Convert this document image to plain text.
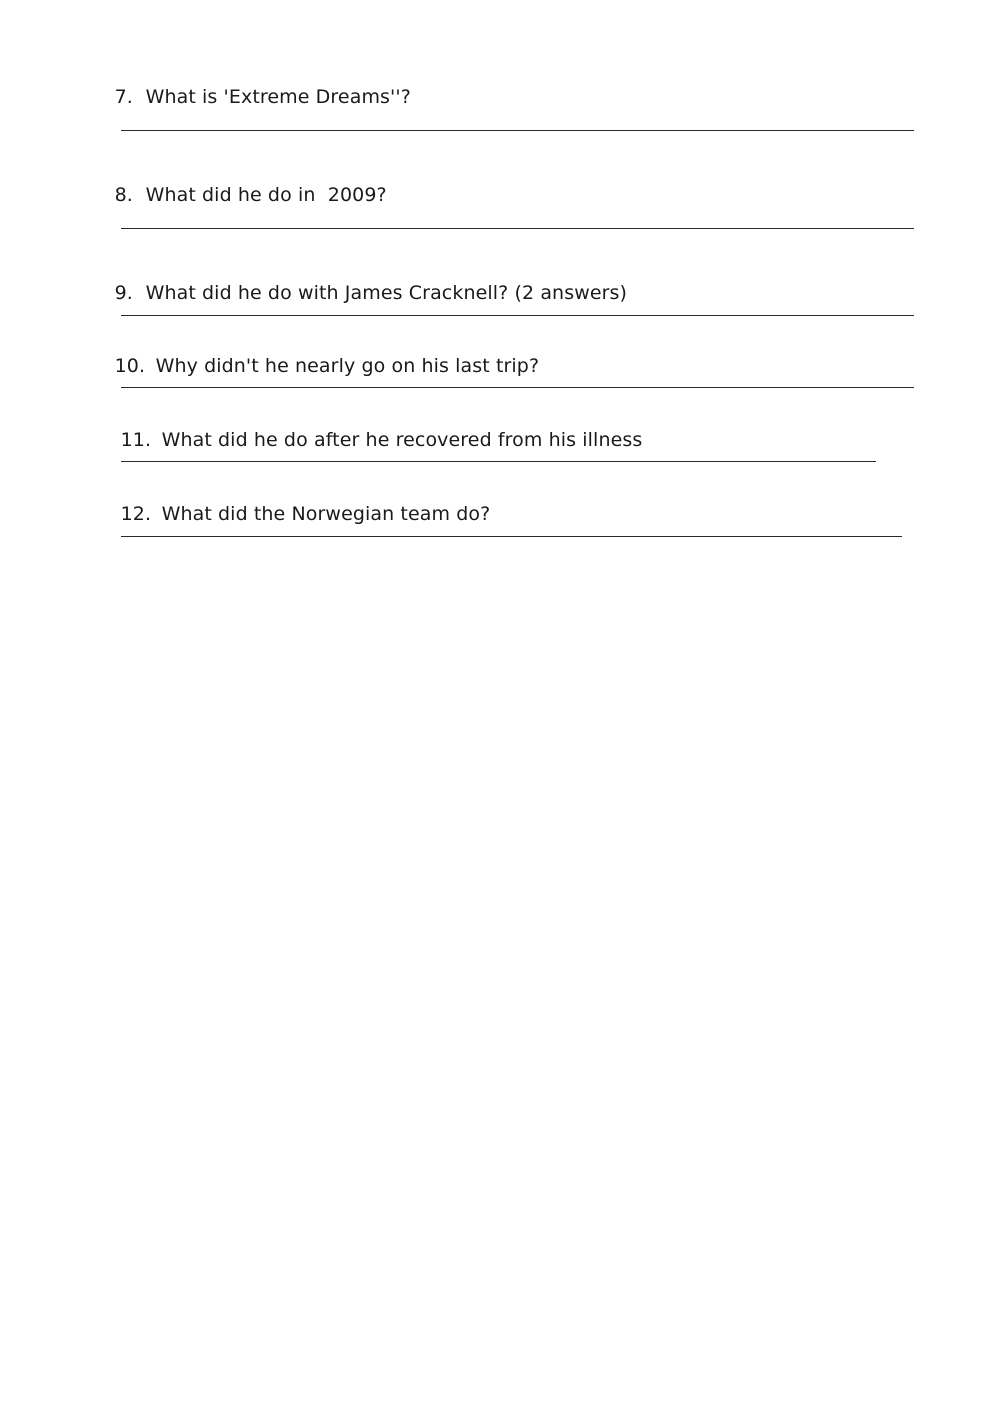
7. What is 'Extreme Dreams''?

8. What did he do in  2009?

9. What did he do with James Cracknell? (2 answers)

10. Why didn't he nearly go on his last trip?

11. What did he do after he recovered from his illness

12. What did the Norwegian team do?
